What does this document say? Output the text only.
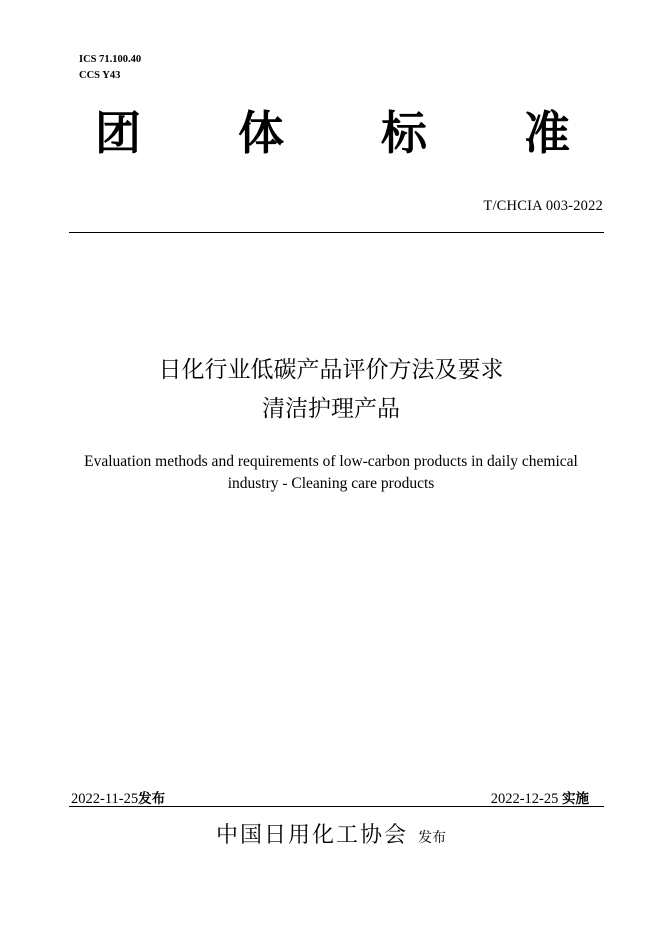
ICS 71.100.40
CCS Y43
团 体 标 准
T/CHCIA 003-2022
日化行业低碳产品评价方法及要求
清洁护理产品
Evaluation methods and requirements of low-carbon products in daily chemical
industry - Cleaning care products
2022-11-25发布	2022-12-25 实施
中国日用化工协会 发布
